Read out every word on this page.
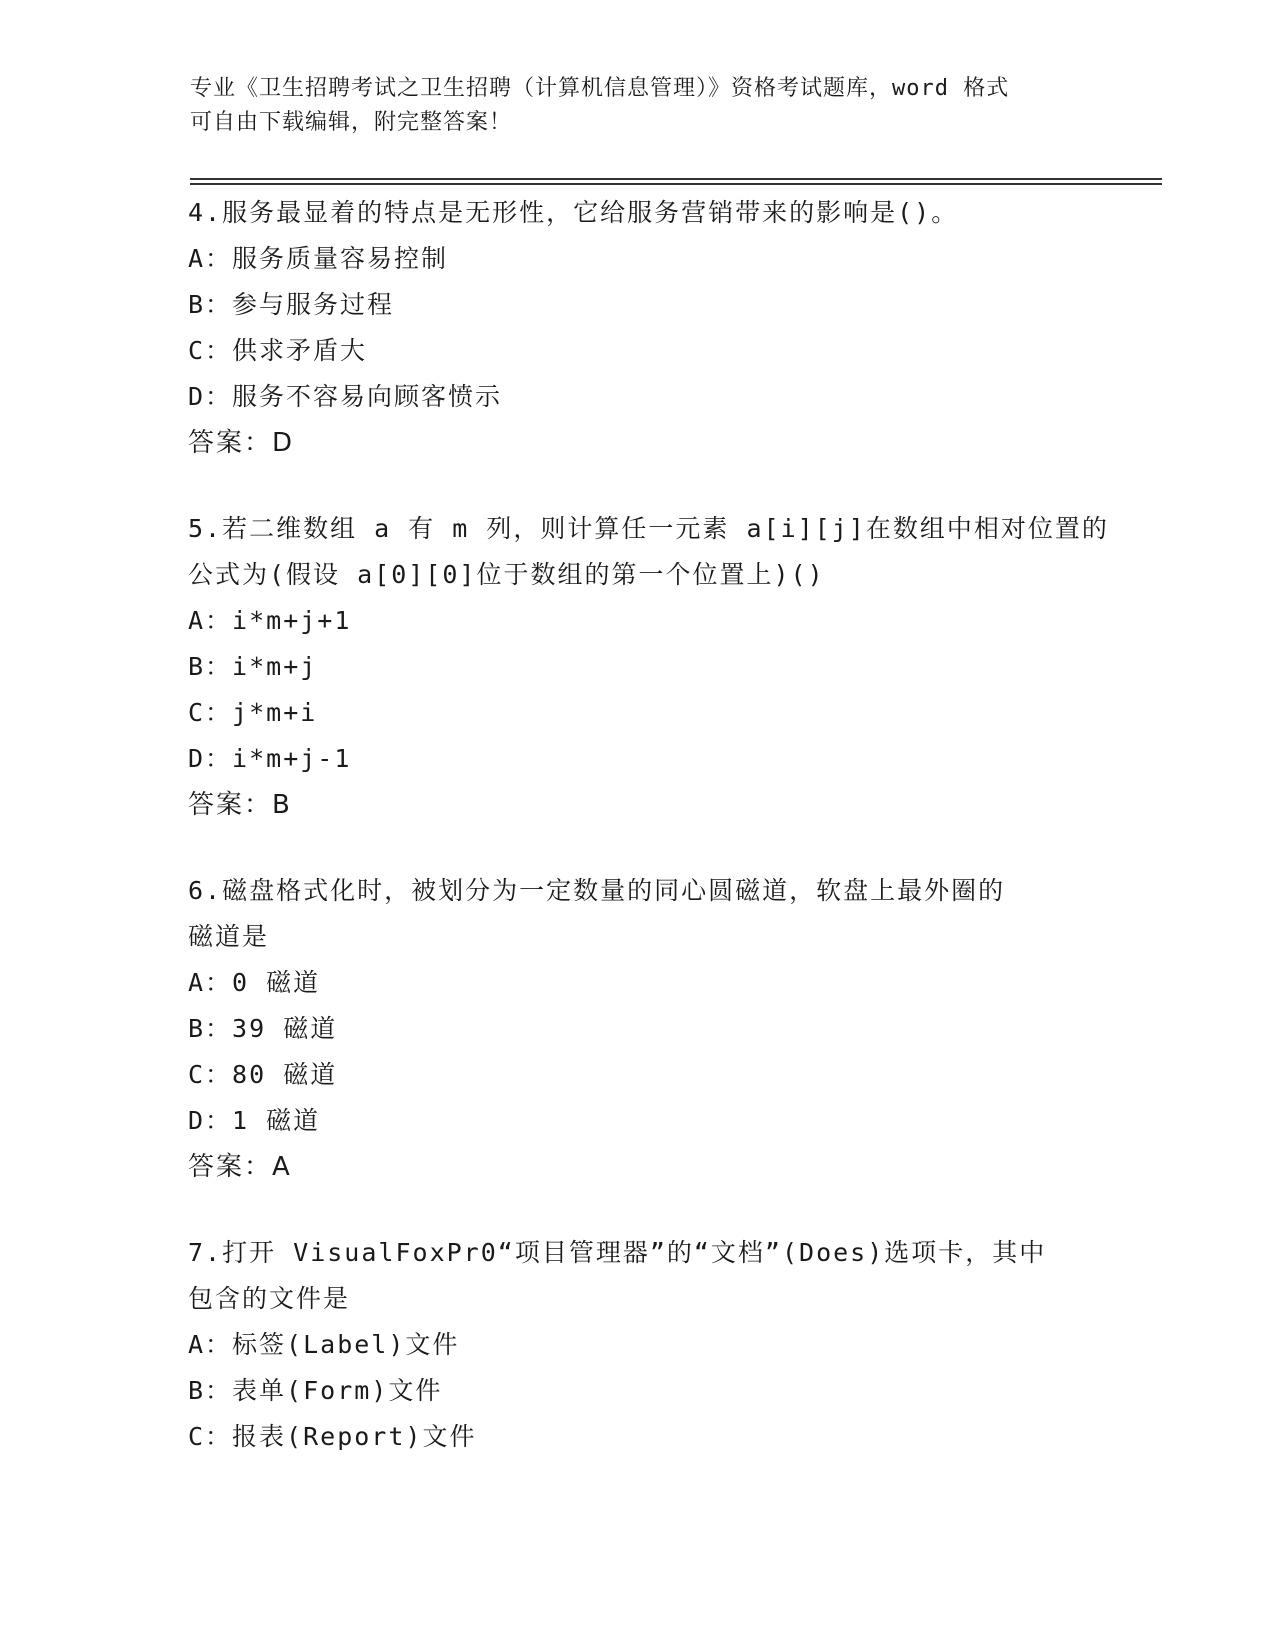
专业《卫生招聘考试之卫生招聘（计算机信息管理）》资格考试题库，word 格式
可自由下载编辑，附完整答案！
4.服务最显着的特点是无形性，它给服务营销带来的影响是()。
A：服务质量容易控制
B：参与服务过程
C：供求矛盾大
D：服务不容易向顾客愤示
答案：D
5.若二维数组 a 有 m 列，则计算任一元素 a[i][j]在数组中相对位置的
公式为(假设 a[0][0]位于数组的第一个位置上)()
A：i*m+j+1
B：i*m+j
C：j*m+i
D：i*m+j-1
答案：B
6.磁盘格式化时，被划分为一定数量的同心圆磁道，软盘上最外圈的
磁道是
A：0 磁道
B：39 磁道
C：80 磁道
D：1 磁道
答案：A
7.打开 VisualFoxPr0“项目管理器”的“文档”(Does)选项卡，其中
包含的文件是
A：标签(Label)文件
B：表单(Form)文件
C：报表(Report)文件
